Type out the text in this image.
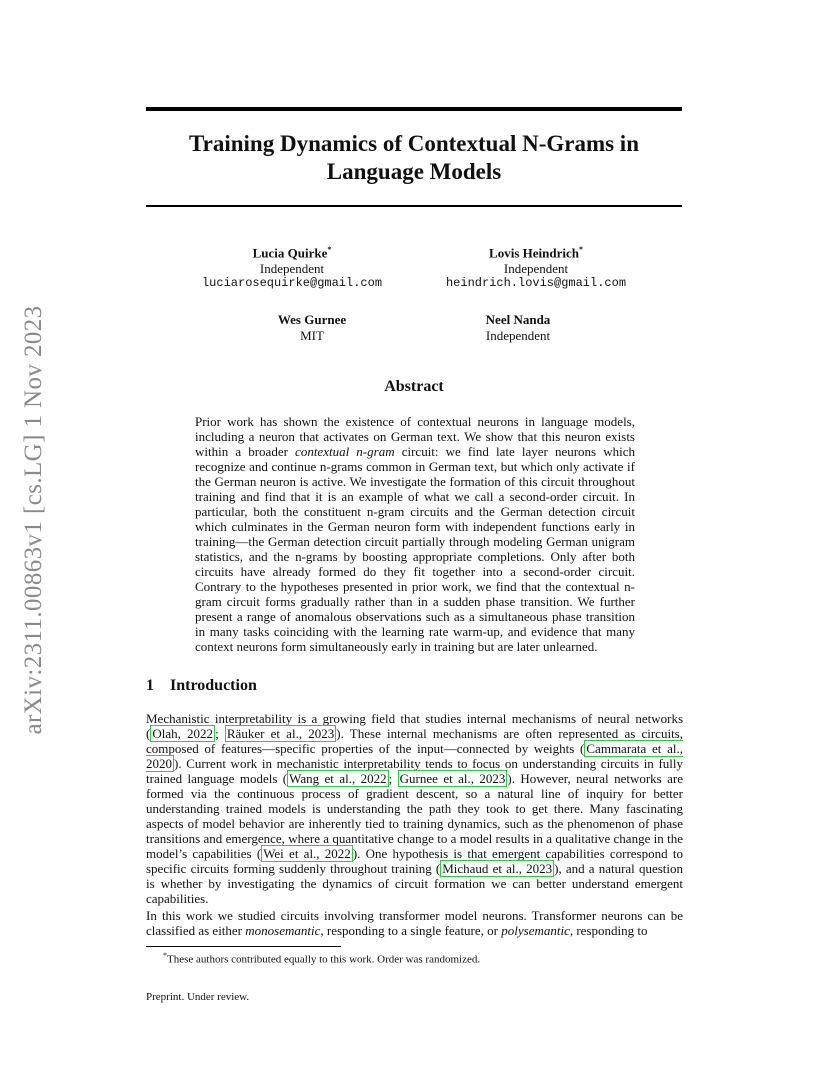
arXiv:2311.00863v1 [cs.LG] 1 Nov 2023
Training Dynamics of Contextual N-Grams in Language Models
Lucia Quirke*
Independent
luciarosequirke@gmail.com
Lovis Heindrich*
Independent
heindrich.lovis@gmail.com
Wes Gurnee
MIT
Neel Nanda
Independent
Abstract

Prior work has shown the existence of contextual neurons in language models, including a neuron that activates on German text. We show that this neuron exists within a broader contextual n-gram circuit: we find late layer neurons which recognize and continue n-grams common in German text, but which only activate if the German neuron is active. We investigate the formation of this circuit throughout training and find that it is an example of what we call a second-order circuit. In particular, both the constituent n-gram circuits and the German detection circuit which culminates in the German neuron form with independent functions early in training—the German detection circuit partially through modeling German unigram statistics, and the n-grams by boosting appropriate completions. Only after both circuits have already formed do they fit together into a second-order circuit. Contrary to the hypotheses presented in prior work, we find that the contextual n-gram circuit forms gradually rather than in a sudden phase transition. We further present a range of anomalous observations such as a simultaneous phase transition in many tasks coinciding with the learning rate warm-up, and evidence that many context neurons form simultaneously early in training but are later unlearned.

1 Introduction

Mechanistic interpretability is a growing field that studies internal mechanisms of neural networks ( Olah, 2022 ; Räuker et al., 2023 ). These internal mechanisms are often represented as circuits, composed of features—specific properties of the input—connected by weights ( Cammarata et al., 2020 ). Current work in mechanistic interpretability tends to focus on understanding circuits in fully trained language models ( Wang et al., 2022 ; Gurnee et al., 2023 ). However, neural networks are formed via the continuous process of gradient descent, so a natural line of inquiry for better understanding trained models is understanding the path they took to get there. Many fascinating aspects of model behavior are inherently tied to training dynamics, such as the phenomenon of phase transitions and emergence, where a quantitative change to a model results in a qualitative change in the model’s capabilities ( Wei et al., 2022 ). One hypothesis is that emergent capabilities correspond to specific circuits forming suddenly throughout training ( Michaud et al., 2023 ), and a natural question is whether by investigating the dynamics of circuit formation we can better understand emergent capabilities.

In this work we studied circuits involving transformer model neurons. Transformer neurons can be classified as either monosemantic, responding to a single feature, or polysemantic, responding to

*These authors contributed equally to this work. Order was randomized.
Preprint. Under review.
